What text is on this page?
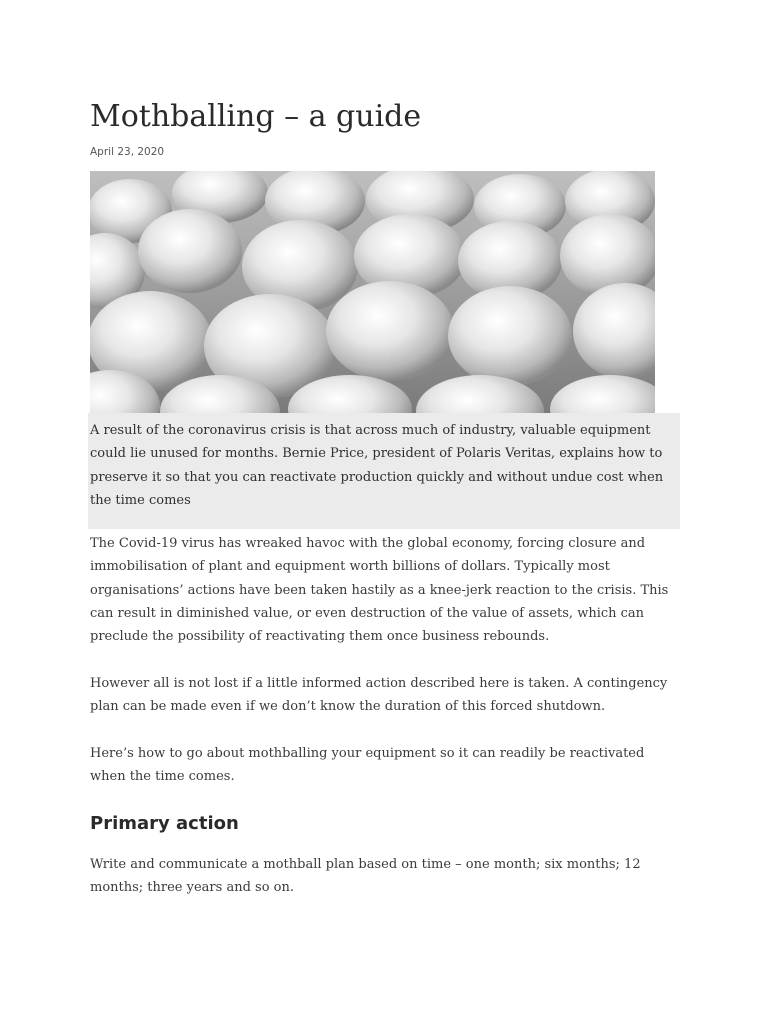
Mothballing – a guide
April 23, 2020

A result of the coronavirus crisis is that across much of industry, valuable equipment could lie unused for months. Bernie Price, president of Polaris Veritas, explains how to preserve it so that you can reactivate production quickly and without undue cost when the time comes

The Covid-19 virus has wreaked havoc with the global economy, forcing closure and immobilisation of plant and equipment worth billions of dollars. Typically most organisations’ actions have been taken hastily as a knee-jerk reaction to the crisis. This can result in diminished value, or even destruction of the value of assets, which can preclude the possibility of reactivating them once business rebounds.

However all is not lost if a little informed action described here is taken. A contingency plan can be made even if we don’t know the duration of this forced shutdown.

Here’s how to go about mothballing your equipment so it can readily be reactivated when the time comes.

Primary action

Write and communicate a mothball plan based on time – one month; six months; 12 months; three years and so on.
